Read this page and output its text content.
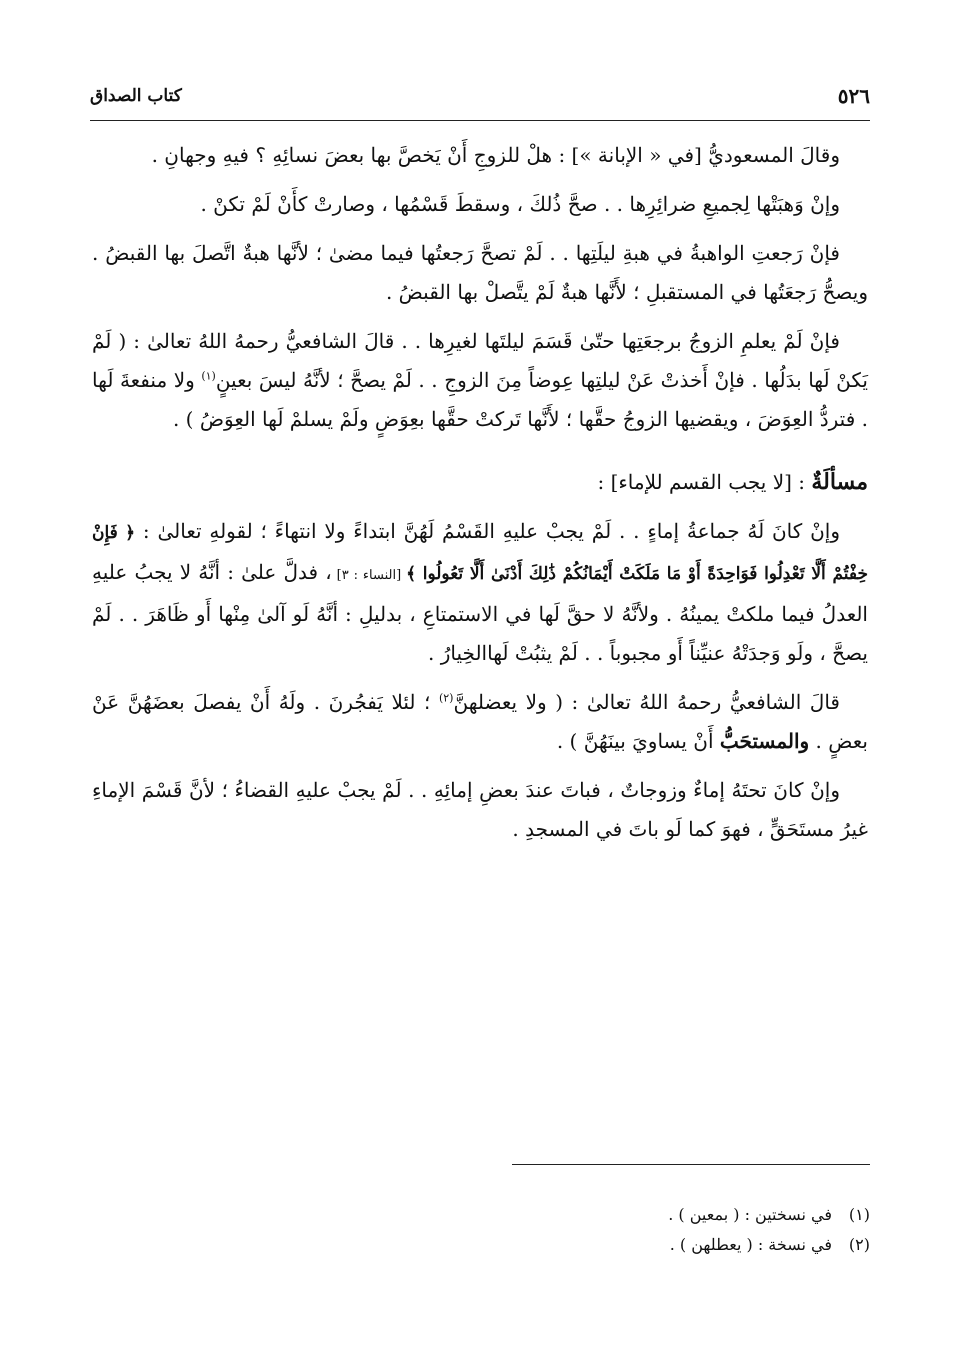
٥٢٦
كتاب الصداق

وقالَ المسعوديُّ [في « الإبانة »] : هلْ للزوجِ أَنْ يَخصَّ بها بعضَ نسائِهِ ؟ فيهِ وجهانِ .

وإنْ وَهبَتْها لِجميعِ ضرائِرِها . . صحَّ ذُلكَ ، وسقطَ قَسْمُها ، وصارتْ كأَنْ لَمْ تكنْ .

فإنْ رَجعتِ الواهبةُ في هبةِ ليلَتِها . . لَمْ تصحَّ رَجعتُها فيما مضىٰ ؛ لأنَّها هبةٌ اتَّصلَ بها القبضُ . ويصحُّ رَجعَتُها في المستقبلِ ؛ لأَنَّها هبةٌ لَمْ يتَّصلْ بها القبضُ .

فإنْ لَمْ يعلمِ الزوجُ برجعَتِها حتّىٰ قَسَمَ ليلتَها لغيرِها . . قالَ الشافعيُّ رحمهُ اللهُ تعالىٰ : ( لَمْ يَكنْ لَها بدَلُها . فإنْ أَخذتْ عَنْ ليلتِها عِوضاً مِنَ الزوجِ . . لَمْ يصحَّ ؛ لأنَّهُ ليسَ بعينٍ$^{(١)}$ ولا منفعةَ لَها . فتردُّ العِوَضَ ، ويقضيها الزوجُ حقَّها ؛ لأَنَّها تَركتْ حقَّها بعِوَضٍ ولَمْ يسلمْ لَها العِوَضُ ) .

مسألَةٌ : [لا يجب القسم للإماء] :

وإنْ كانَ لَهُ جماعةُ إماءٍ . . لَمْ يجبْ عليهِ القَسْمُ لَهُنَّ ابتداءً ولا انتهاءً ؛ لقولهِ تعالىٰ : ﴿ فَإِنْ خِفْتُمْ أَلَّا تَعْدِلُوا فَوَاحِدَةً أَوْ مَا مَلَكَتْ أَيْمَانُكُمْ ذَٰلِكَ أَدْنَىٰ أَلَّا تَعُولُوا ﴾ [النساء : ٣] ، فدلَّ علىٰ : أنَّهُ لا يجبُ عليهِ العدلُ فيما ملكتْ يمينُهُ . ولأنَّهُ لا حقَّ لَها في الاستمتاعِ ، بدليلِ : أنَّهُ لَو آلىٰ مِنْها أَو ظَاهَرَ . . لَمْ يصحَّ ، ولَو وَجدَتْهُ عنيِّناً أَو مجبوباً . . لَمْ يثبُتْ لَهاالخِيارُ .

قالَ الشافعيُّ رحمهُ اللهُ تعالىٰ : ( ولا يعضلهنَّ$^{(٢)}$ ؛ لئلا يَفجُرنَ . ولَهُ أَنْ يفصلَ بعضَهُنَّ عَنْ بعضٍ . والمستحَبُّ أَنْ يساويَ بينَهُنَّ ) .

وإنْ كانَ تحتَهُ إماءٌ وزوجاتٌ ، فباتَ عندَ بعضِ إمائِهِ . . لَمْ يجبْ عليهِ القضاءُ ؛ لأنَّ قَسْمَ الإماءِ غيرُ مستَحَقٍّ ، فهوَ كما لَو باتَ في المسجدِ .

(١)في نسختين : ( بمعين ) .
(٢)في نسخة : ( يعطلهن ) .
